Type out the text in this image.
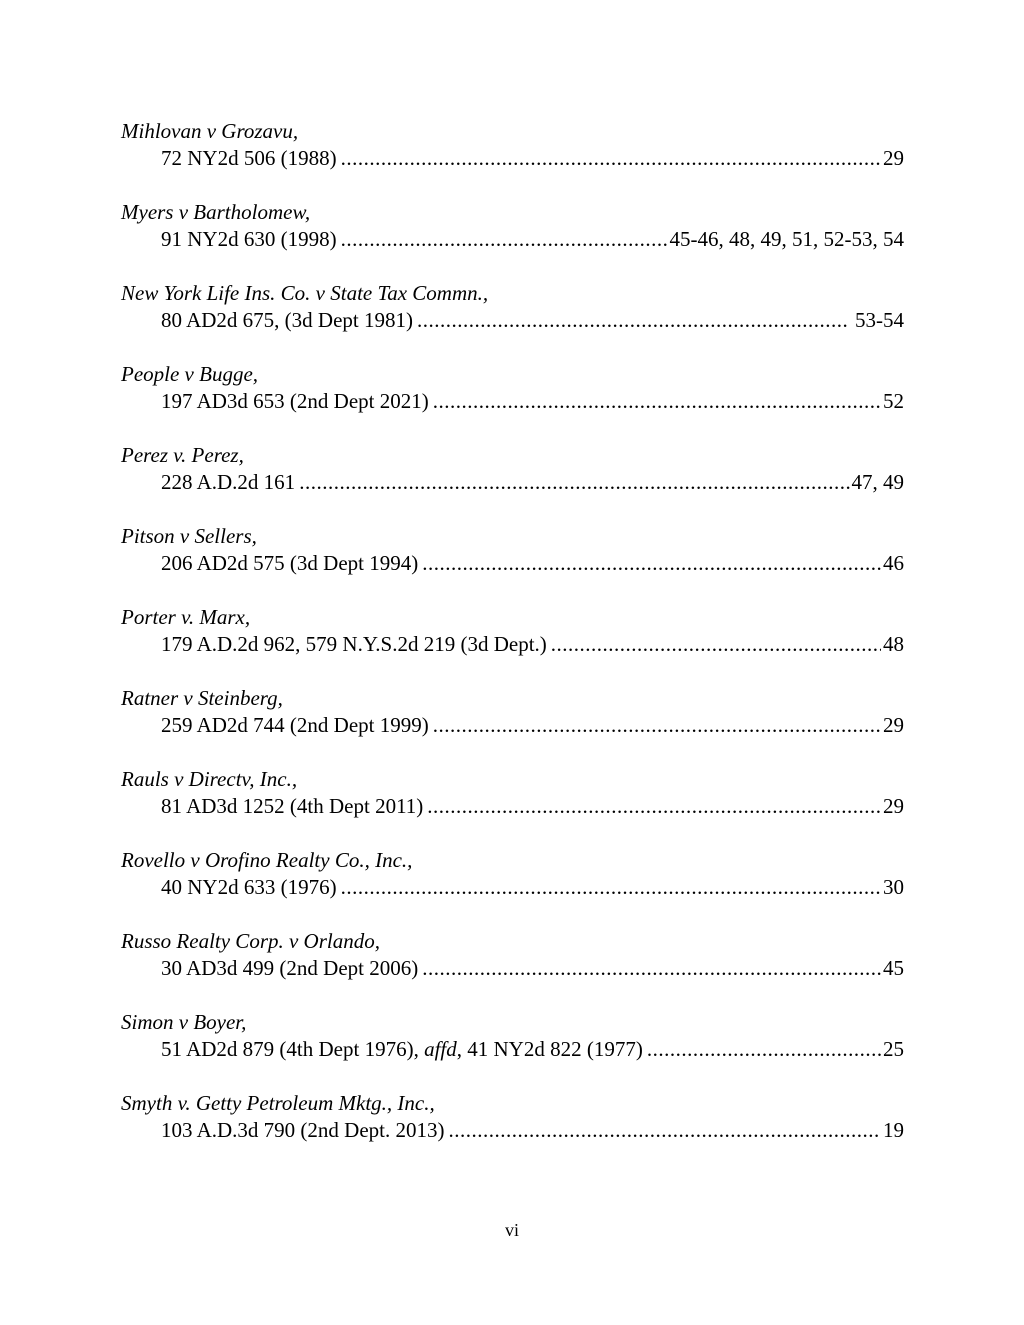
Mihlovan v Grozavu,
72 NY2d 506 (1988) .....	29
Myers v Bartholomew,
91 NY2d 630 (1998) .....	45-46, 48, 49, 51, 52-53, 54
New York Life Ins. Co. v State Tax Commn.,
80 AD2d 675, (3d Dept 1981) .....	53-54
People v Bugge,
197 AD3d 653 (2nd Dept 2021) .....	52
Perez v. Perez,
228 A.D.2d 161 .....	47, 49
Pitson v Sellers,
206 AD2d 575 (3d Dept 1994) .....	46
Porter v. Marx,
179 A.D.2d 962, 579 N.Y.S.2d 219 (3d Dept.) .....	48
Ratner v Steinberg,
259 AD2d 744 (2nd Dept 1999) .....	29
Rauls v Directv, Inc.,
81 AD3d 1252 (4th Dept 2011) .....	29
Rovello v Orofino Realty Co., Inc.,
40 NY2d 633 (1976) .....	30
Russo Realty Corp. v Orlando,
30 AD3d 499 (2nd Dept 2006) .....	45
Simon v Boyer,
51 AD2d 879 (4th Dept 1976), affd, 41 NY2d 822 (1977) .....	25
Smyth v. Getty Petroleum Mktg., Inc.,
103 A.D.3d 790 (2nd Dept. 2013) .....	19
vi
